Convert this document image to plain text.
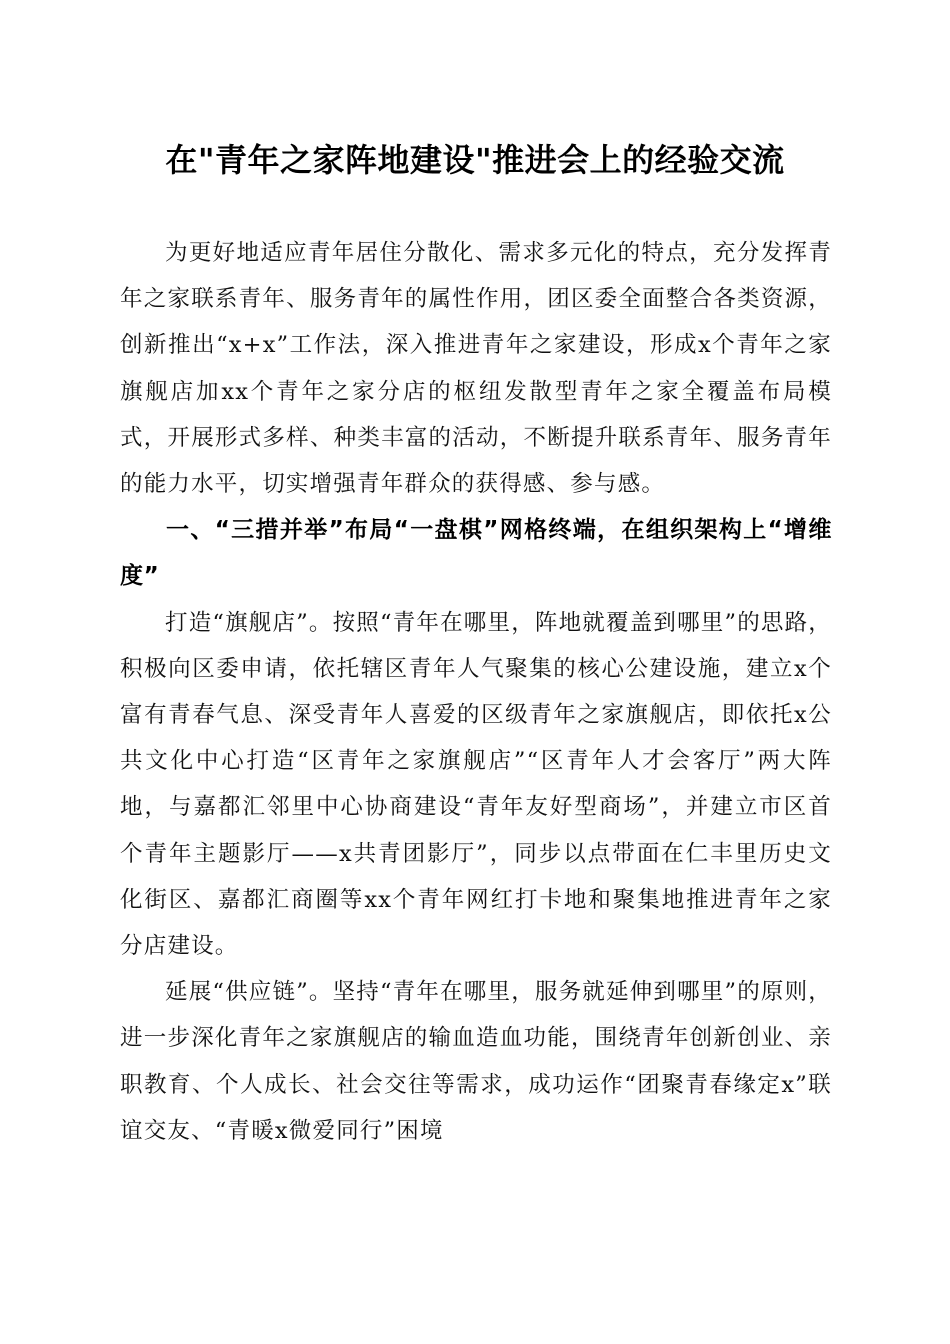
在"青年之家阵地建设"推进会上的经验交流

为更好地适应青年居住分散化、需求多元化的特点，充分发挥青年之家联系青年、服务青年的属性作用，团区委全面整合各类资源，创新推出“x+x”工作法，深入推进青年之家建设，形成x个青年之家旗舰店加xx个青年之家分店的枢纽发散型青年之家全覆盖布局模式，开展形式多样、种类丰富的活动，不断提升联系青年、服务青年的能力水平，切实增强青年群众的获得感、参与感。

一、“三措并举”布局“一盘棋”网格终端，在组织架构上“增维度”

打造“旗舰店”。按照“青年在哪里，阵地就覆盖到哪里”的思路，积极向区委申请，依托辖区青年人气聚集的核心公建设施，建立x个富有青春气息、深受青年人喜爱的区级青年之家旗舰店，即依托x公共文化中心打造“区青年之家旗舰店”“区青年人才会客厅”两大阵地，与嘉都汇邻里中心协商建设“青年友好型商场”，并建立市区首个青年主题影厅——x共青团影厅”，同步以点带面在仁丰里历史文化街区、嘉都汇商圈等xx个青年网红打卡地和聚集地推进青年之家分店建设。

延展“供应链”。坚持“青年在哪里，服务就延伸到哪里”的原则，进一步深化青年之家旗舰店的输血造血功能，围绕青年创新创业、亲职教育、个人成长、社会交往等需求，成功运作“团聚青春缘定x”联谊交友、“青暖x微爱同行”困境
